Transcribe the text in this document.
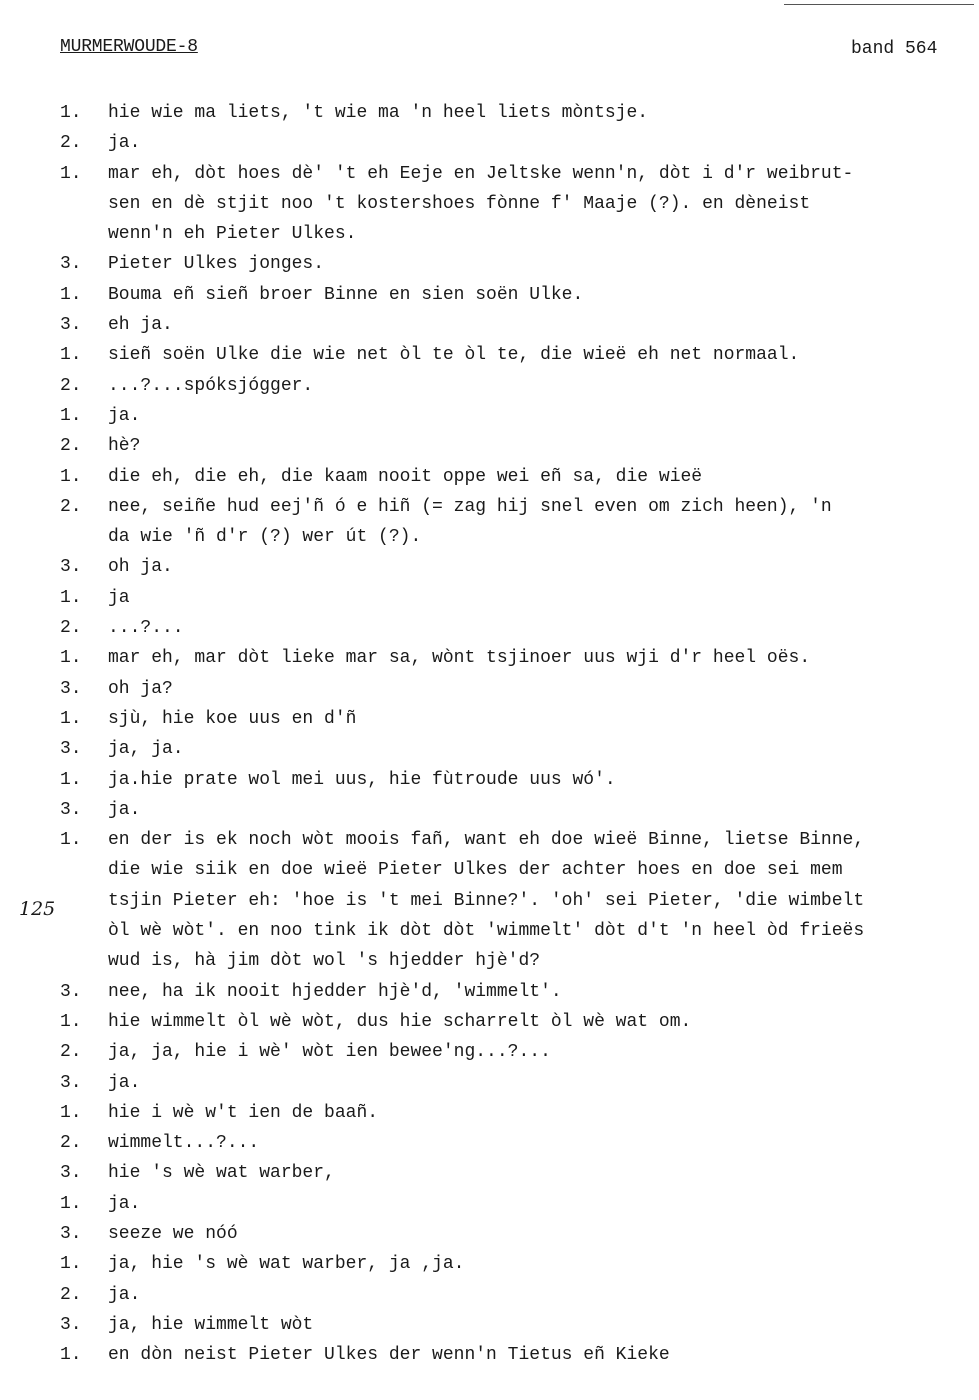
MURMERWOUDE-8	band 564
125
1.	hie wie ma liets, 't wie ma 'n heel liets mòntsje.
2.	ja.
1.	mar eh, dòt hoes dè' 't eh Eeje en Jeltske wenn'n, dòt i d'r weibrut-
sen en dè stjit noo 't kostershoes fònne f' Maaje (?). en dèneist
wenn'n eh Pieter Ulkes.
3.	Pieter Ulkes jonges.
1.	Bouma eñ sieñ broer Binne en sien soën Ulke.
3.	eh ja.
1.	sieñ soën Ulke die wie net òl te òl te, die wieë eh net normaal.
2.	...?...spóksjógger.
1.	ja.
2.	hè?
1.	die eh, die eh, die kaam nooit oppe wei eñ sa, die wieë
2.	nee, seiñe hud eej'ñ ó e hiñ (= zag hij snel even om zich heen), 'n
da wie 'ñ d'r (?) wer út (?).
3.	oh ja.
1.	ja
2.	...?...
1.	mar eh, mar dòt lieke mar sa, wònt tsjinoer uus wji d'r heel oës.
3.	oh ja?
1.	sjù, hie koe uus en d'ñ
3.	ja, ja.
1.	ja.hie prate wol mei uus, hie fùtroude uus wó'.
3.	ja.
1.	en der is ek noch wòt moois fañ, want eh doe wieë Binne, lietse Binne,
die wie siik en doe wieë Pieter Ulkes der achter hoes en doe sei mem
tsjin Pieter eh: 'hoe is 't mei Binne?'. 'oh' sei Pieter, 'die wimbelt
òl wè wòt'. en noo tink ik dòt dòt 'wimmelt' dòt d't 'n heel òd frieës
wud is, hà jim dòt wol 's hjedder hjè'd?
3.	nee, ha ik nooit hjedder hjè'd, 'wimmelt'.
1.	hie wimmelt òl wè wòt, dus hie scharrelt òl wè wat om.
2.	ja, ja, hie i wè' wòt ien bewee'ng...?...
3.	ja.
1.	hie i wè w't ien de baañ.
2.	wimmelt...?...
3.	hie 's wè wat warber,
1.	ja.
3.	seeze we nóó
1.	ja, hie 's wè wat warber, ja ,ja.
2.	ja.
3.	ja, hie wimmelt wòt
1.	en dòn neist Pieter Ulkes der wenn'n Tietus eñ Kieke
